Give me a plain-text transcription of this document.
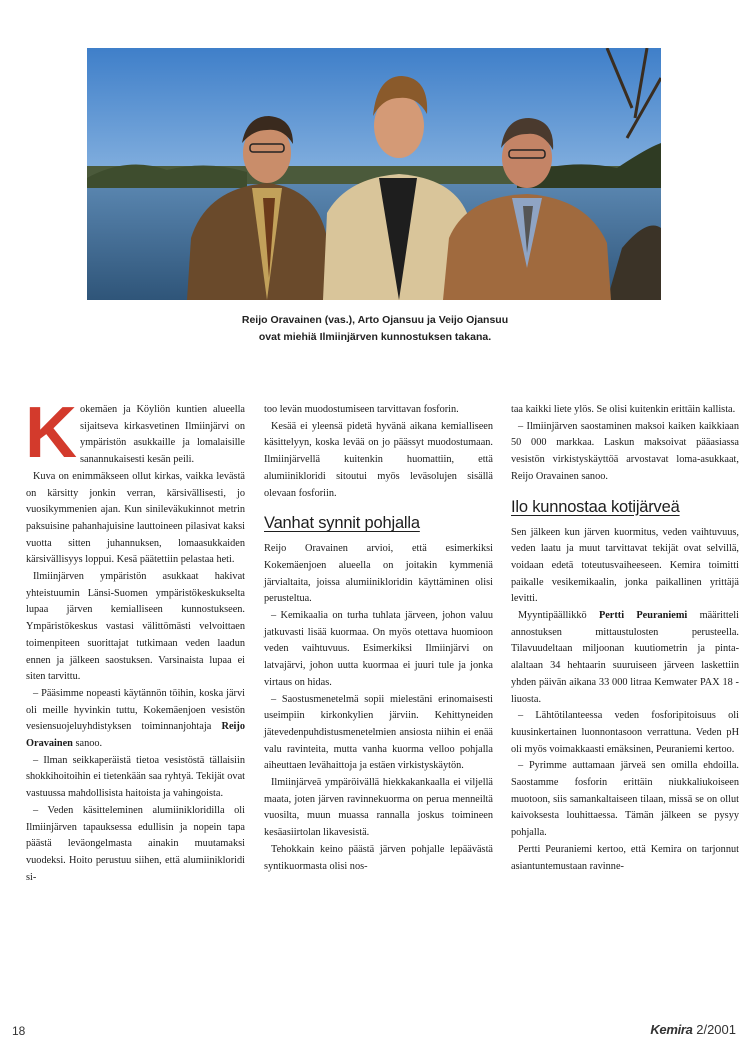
Reijo Oravainen (vas.), Arto Ojansuu ja Veijo Ojansuu
ovat miehiä Ilmiinjärven kunnostuksen takana.
K okemäen ja Köyliön kuntien alueella sijaitseva kirkasvetinen Ilmiinjärvi on ympäristön asukkaille ja lomalaisille sanannukaisesti kesän peili.

Kuva on enimmäkseen ollut kirkas, vaikka levästä on kärsitty jonkin verran, kärsivällisesti, jo vuosikymmenien ajan. Kun sinileväkukinnot metrin paksuisine pahanhajuisine lauttoineen pilasivat kaksi vuotta sitten juhannuksen, lomaasukkaiden kärsivällisyys loppui. Kesä päätettiin pelastaa heti.

Ilmiinjärven ympäristön asukkaat hakivat yhteistuumin Länsi-Suomen ympäristökeskukselta lupaa järven kemialliseen kunnostukseen. Ympäristökeskus vastasi välittömästi velvoittaen toimenpiteen suorittajat tutkimaan veden laadun ennen ja jälkeen saostuksen. Varsinaista lupaa ei siten tarvittu.

– Pääsimme nopeasti käytännön töihin, koska järvi oli meille hyvinkin tuttu, Kokemäenjoen vesistön vesiensuojeluyhdistyksen toiminnanjohtaja Reijo Oravainen sanoo.

– Ilman seikkaperäistä tietoa vesistöstä tällaisiin shokkihoitoihin ei tietenkään saa ryhtyä. Tekijät ovat vastuussa mahdollisista haitoista ja vahingoista.

– Veden käsitteleminen alumiinikloridilla oli Ilmiinjärven tapauksessa edullisin ja nopein tapa päästä leväongelmasta ainakin muutamaksi vuodeksi. Hoito perustuu siihen, että alumiinikloridi si-

too levän muodostumiseen tarvittavan fosforin.

Kesää ei yleensä pidetä hyvänä aikana kemialliseen käsittelyyn, koska levää on jo päässyt muodostumaan. Ilmiinjärvellä kuitenkin huomattiin, että alumiinikloridi sitoutui myös leväsolujen sisällä olevaan fosforiin.

Vanhat synnit pohjalla

Reijo Oravainen arvioi, että esimerkiksi Kokemäenjoen alueella on joitakin kymmeniä järvialtaita, joissa alumiinikloridin käyttäminen olisi perusteltua.

– Kemikaalia on turha tuhlata järveen, johon valuu jatkuvasti lisää kuormaa. On myös otettava huomioon veden vaihtuvuus. Esimerkiksi Ilmiinjärvi on latvajärvi, johon uutta kuormaa ei juuri tule ja jonka virtaus on hidas.

– Saostusmenetelmä sopii mielestäni erinomaisesti useimpiin kirkonkylien järviin. Kehittyneiden jätevedenpuhdistusmenetelmien ansiosta niihin ei enää valu ravinteita, mutta vanha kuorma velloo pohjalla aiheuttaen levähaittoja ja estäen virkistyskäytön.

Ilmiinjärveä ympäröivällä hiekkakankaalla ei viljellä maata, joten järven ravinnekuorma on perua menneiltä vuosilta, muun muassa rannalla joskus toimineen kesäasiirtolan likavesistä.

Tehokkain keino päästä järven pohjalle lepäävästä syntikuormasta olisi nos-

taa kaikki liete ylös. Se olisi kuitenkin erittäin kallista.

– Ilmiinjärven saostaminen maksoi kaiken kaikkiaan 50 000 markkaa. Laskun maksoivat pääasiassa vesistön virkistyskäyttöä arvostavat loma-asukkaat, Reijo Oravainen sanoo.

Ilo kunnostaa kotijärveä

Sen jälkeen kun järven kuormitus, veden vaihtuvuus, veden laatu ja muut tarvittavat tekijät ovat selvillä, voidaan edetä toteutusvaiheeseen. Kemira toimitti paikalle vesikemikaalin, jonka paikallinen yrittäjä levitti.

Myyntipäällikkö Pertti Peuraniemi määritteli annostuksen mittaustulosten perusteella. Tilavuudeltaan miljoonan kuutiometrin ja pinta-alaltaan 34 hehtaarin suuruiseen järveen laskettiin yhden päivän aikana 33 000 litraa Kemwater PAX 18 -liuosta.

– Lähtötilanteessa veden fosforipitoisuus oli kuusinkertainen luonnontasoon verrattuna. Veden pH oli myös voimakkaasti emäksinen, Peuraniemi kertoo.

– Pyrimme auttamaan järveä sen omilla ehdoilla. Saostamme fosforin erittäin niukkaliukoiseen muotoon, siis samankaltaiseen tilaan, missä se on ollut kaivoksesta louhittaessa. Tämän jälkeen se pysyy pohjalla.

Pertti Peuraniemi kertoo, että Kemira on tarjonnut asiantuntemustaan ravinne-

18	Kemira 2/2001
